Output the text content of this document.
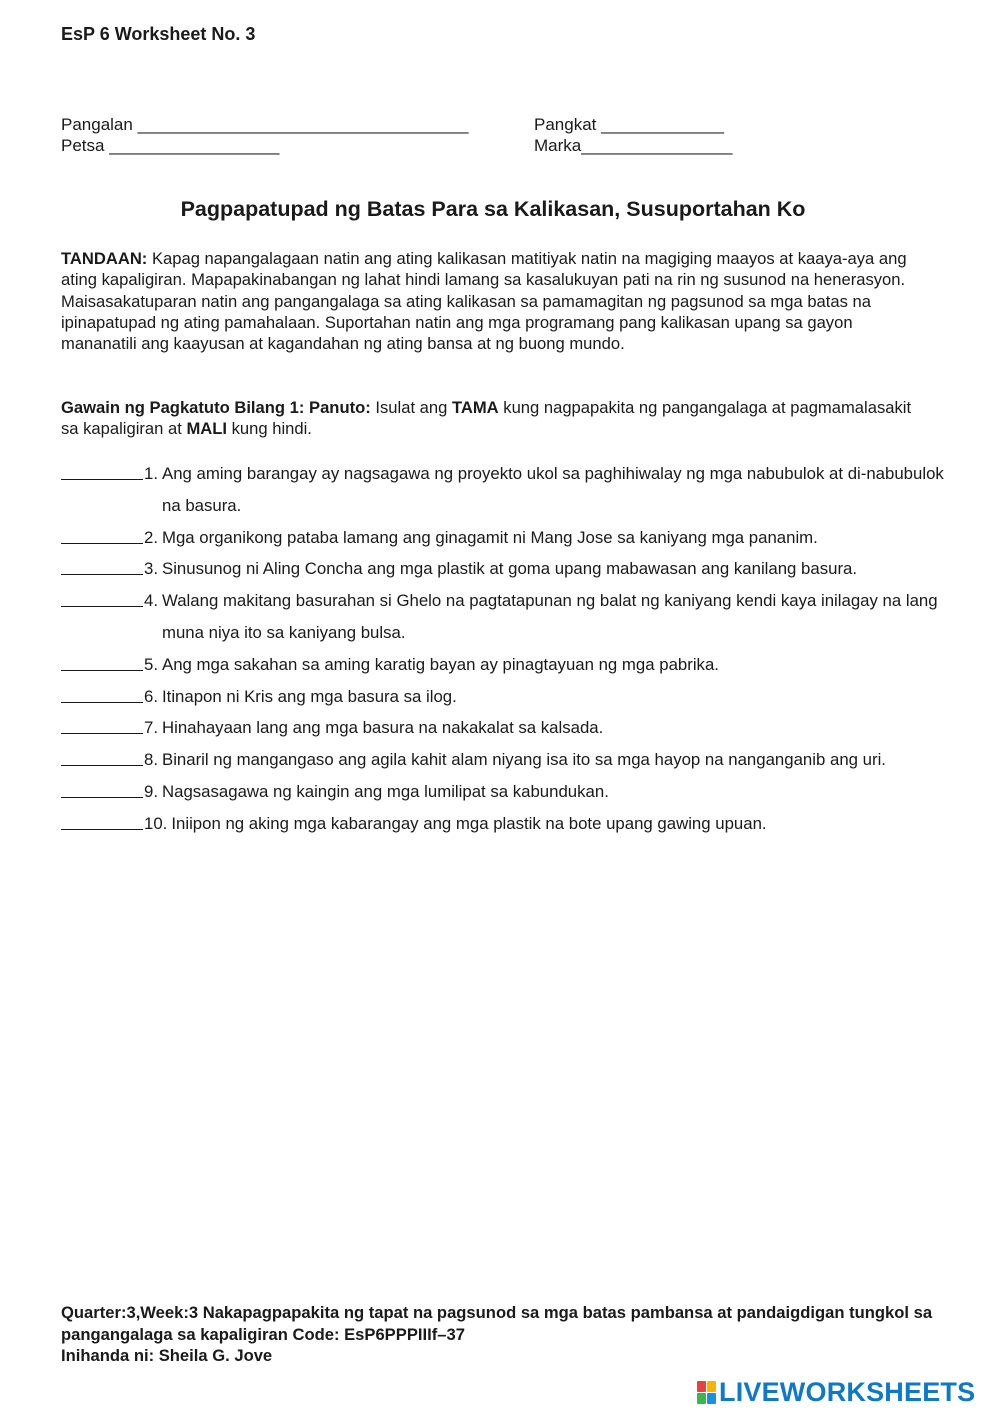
EsP 6 Worksheet No. 3
Pangalan ___________________________________	Pangkat _____________
Petsa __________________	Marka________________
Pagpapatupad ng Batas Para sa Kalikasan, Susuportahan Ko
TANDAAN: Kapag napangalagaan natin ang ating kalikasan matitiyak natin na magiging maayos at kaaya-aya ang ating kapaligiran. Mapapakinabangan ng lahat hindi lamang sa kasalukuyan pati na rin ng susunod na henerasyon. Maisasakatuparan natin ang pangangalaga sa ating kalikasan sa pamamagitan ng pagsunod sa mga batas na ipinapatupad ng ating pamahalaan. Suportahan natin ang mga programang pang kalikasan upang sa gayon mananatili ang kaayusan at kagandahan ng ating bansa at ng buong mundo.
Gawain ng Pagkatuto Bilang 1: Panuto: Isulat ang TAMA kung nagpapakita ng pangangalaga at pagmamalasakit sa kapaligiran at MALI kung hindi.
1. Ang aming barangay ay nagsagawa ng proyekto ukol sa paghihiwalay ng mga nabubulok at di-nabubulok na basura.
2. Mga organikong pataba lamang ang ginagamit ni Mang Jose sa kaniyang mga pananim.
3. Sinusunog ni Aling Concha ang mga plastik at goma upang mabawasan ang kanilang basura.
4. Walang makitang basurahan si Ghelo na pagtatapunan ng balat ng kaniyang kendi kaya inilagay na lang muna niya ito sa kaniyang bulsa.
5. Ang mga sakahan sa aming karatig bayan ay pinagtayuan ng mga pabrika.
6. Itinapon ni Kris ang mga basura sa ilog.
7. Hinahayaan lang ang mga basura na nakakalat sa kalsada.
8. Binaril ng mangangaso ang agila kahit alam niyang isa ito sa mga hayop na nanganganib ang uri.
9. Nagsasagawa ng kaingin ang mga lumilipat sa kabundukan.
10. Iniipon ng aking mga kabarangay ang mga plastik na bote upang gawing upuan.
Quarter:3,Week:3 Nakapagpapakita ng tapat na pagsunod sa mga batas pambansa at pandaigdigan tungkol sa pangangalaga sa kapaligiran Code: EsP6PPPIIIf–37
Inihanda ni: Sheila G. Jove
LIVEWORKSHEETS
